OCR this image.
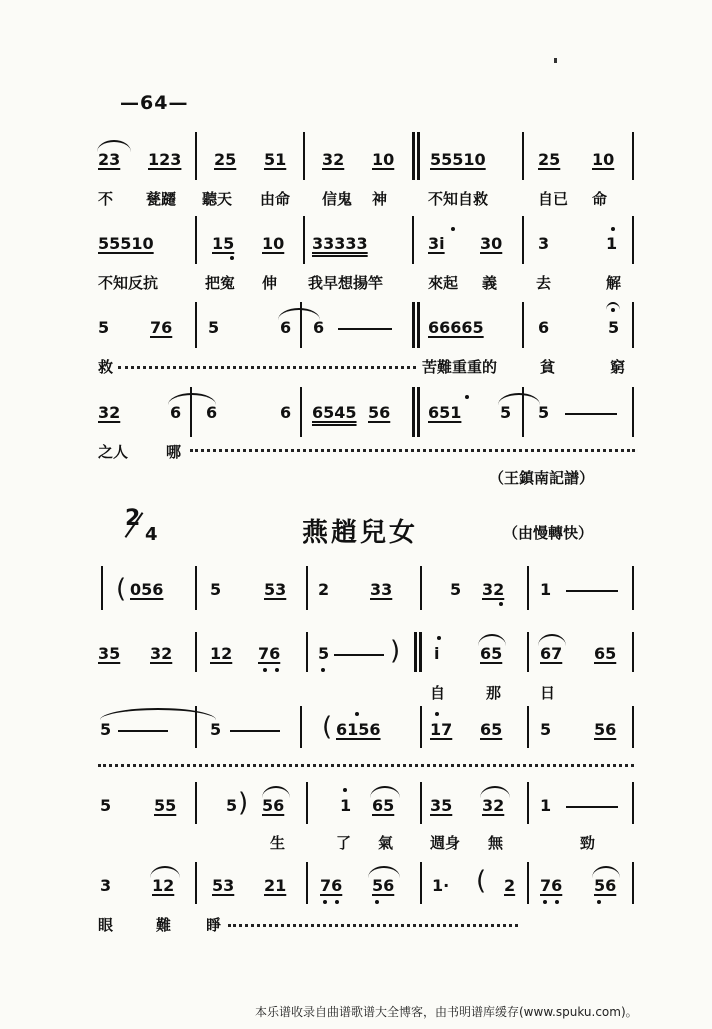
—64—
23 123 25 51 32 10 55510	25 10
不 甆躚 聽天 由命 信鬼 神	不知自救	自已 命
55510	15 10 33333	3i 30 3	1
不知反抗	把寃 伸 我早想揚竿	來起 義	去	解
5	76 5	6 6	66665	6	5
救	苦難重重的	貧	窮
32	6 6	6 6545 56 651 5 5
之人	哪
（王鎮南記譜）
2
4	燕趙兒女	（由慢轉快）
( 056	5	53 2	33	5 32 1
35 32 12 76 5 ) i	65 67 65
自	那	日
5	5	( 6156	17 65 5	56
5	55	5 ) 56	1 65 35 32 1
生	了 氣 週身 無	勁
3	12 53 21 76 56 1· ( 2 76 56
眼	難 睜
本乐谱收录自曲谱歌谱大全博客，由书明谱库缓存(www.spuku.com)。
